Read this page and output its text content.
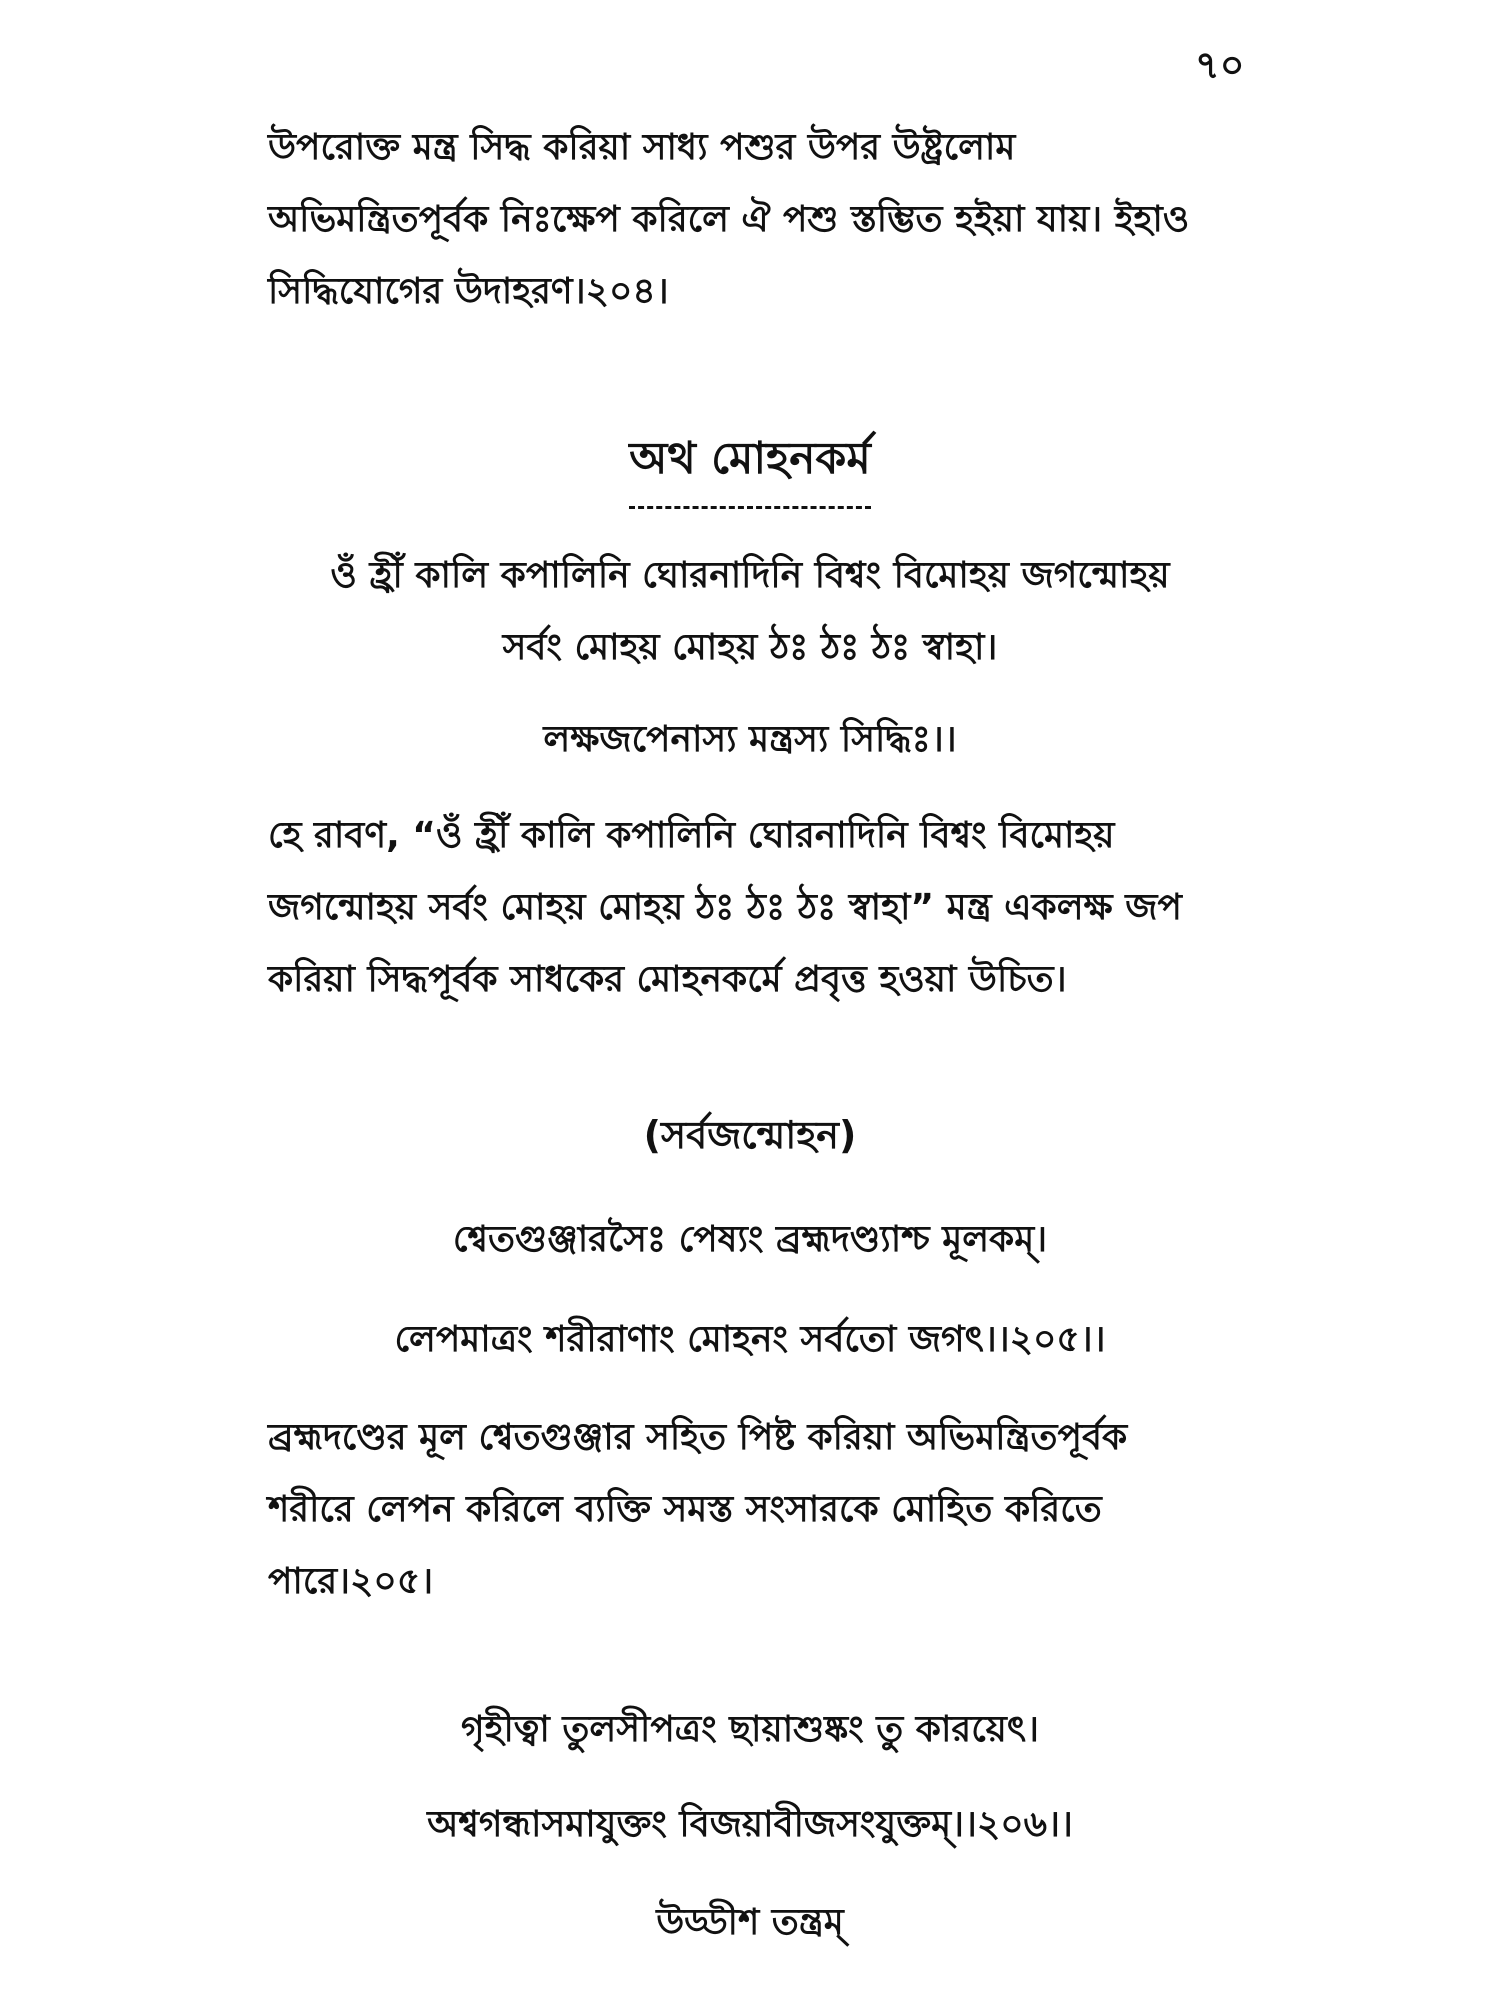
৭০

উপরোক্ত মন্ত্র সিদ্ধ করিয়া সাধ্য পশুর উপর উষ্ট্রলোম
অভিমন্ত্রিতপূর্বক নিঃক্ষেপ করিলে ঐ পশু স্তম্ভিত হইয়া যায়। ইহাও
সিদ্ধিযোগের উদাহরণ।২০৪।

অথ মোহনকর্ম
ওঁ হ্রীঁ কালি কপালিনি ঘোরনাদিনি বিশ্বং বিমোহয় জগন্মোহয়
সর্বং মোহয় মোহয় ঠঃ ঠঃ ঠঃ স্বাহা।
লক্ষজপেনাস্য মন্ত্রস্য সিদ্ধিঃ।।

হে রাবণ, “ওঁ হ্রীঁ কালি কপালিনি ঘোরনাদিনি বিশ্বং বিমোহয়
জগন্মোহয় সর্বং মোহয় মোহয় ঠঃ ঠঃ ঠঃ স্বাহা” মন্ত্র একলক্ষ জপ
করিয়া সিদ্ধপূর্বক সাধকের মোহনকর্মে প্রবৃত্ত হওয়া উচিত।

(সর্বজন্মোহন)
শ্বেতগুঞ্জারসৈঃ পেষ্যং ব্রহ্মদণ্ড্যাশ্চ মূলকম্।
লেপমাত্রং শরীরাণাং মোহনং সর্বতো জগৎ।।২০৫।।

ব্রহ্মদণ্ডের মূল শ্বেতগুঞ্জার সহিত পিষ্ট করিয়া অভিমন্ত্রিতপূর্বক
শরীরে লেপন করিলে ব্যক্তি সমস্ত সংসারকে মোহিত করিতে
পারে।২০৫।

গৃহীত্বা তুলসীপত্রং ছায়াশুষ্কং তু কারয়েৎ।
অশ্বগন্ধাসমাযুক্তং বিজয়াবীজসংযুক্তম্।।২০৬।।
উড্ডীশ তন্ত্রম্
